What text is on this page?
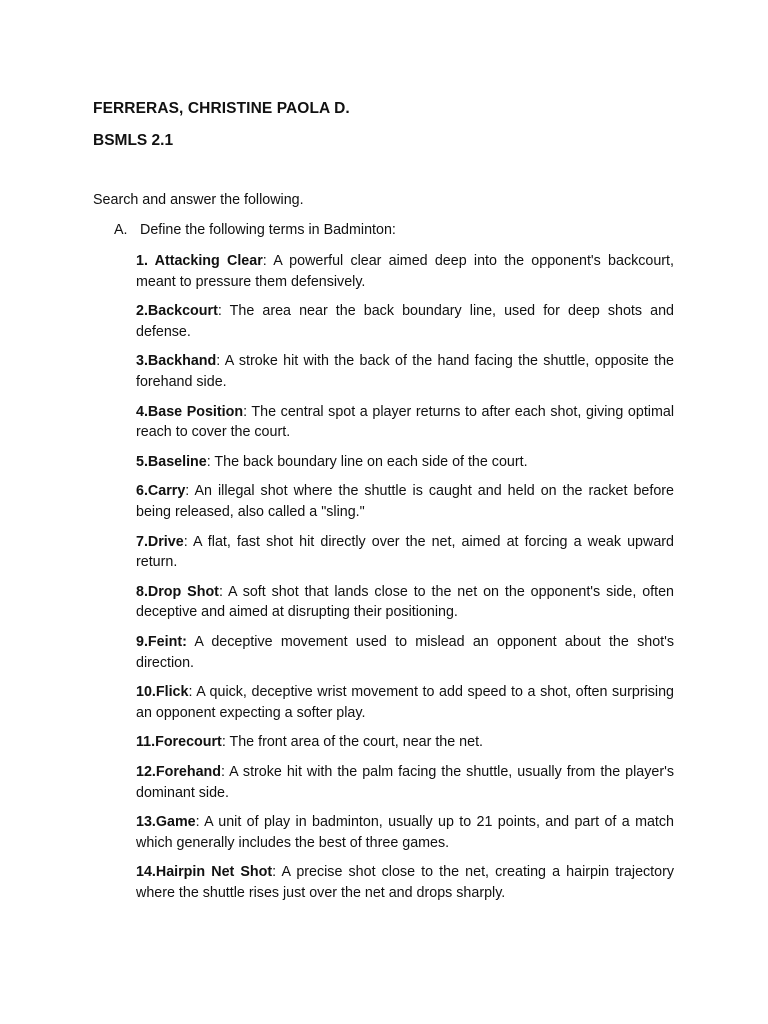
FERRERAS, CHRISTINE PAOLA D.
BSMLS 2.1
Search and answer the following.
A. Define the following terms in Badminton:

1. Attacking Clear: A powerful clear aimed deep into the opponent's backcourt, meant to pressure them defensively.

2.Backcourt: The area near the back boundary line, used for deep shots and defense.

3.Backhand: A stroke hit with the back of the hand facing the shuttle, opposite the forehand side.

4.Base Position: The central spot a player returns to after each shot, giving optimal reach to cover the court.

5.Baseline: The back boundary line on each side of the court.

6.Carry: An illegal shot where the shuttle is caught and held on the racket before being released, also called a "sling."

7.Drive: A flat, fast shot hit directly over the net, aimed at forcing a weak upward return.

8.Drop Shot: A soft shot that lands close to the net on the opponent's side, often deceptive and aimed at disrupting their positioning.

9.Feint: A deceptive movement used to mislead an opponent about the shot's direction.

10.Flick: A quick, deceptive wrist movement to add speed to a shot, often surprising an opponent expecting a softer play.

11.Forecourt: The front area of the court, near the net.

12.Forehand: A stroke hit with the palm facing the shuttle, usually from the player's dominant side.

13.Game: A unit of play in badminton, usually up to 21 points, and part of a match which generally includes the best of three games.

14.Hairpin Net Shot: A precise shot close to the net, creating a hairpin trajectory where the shuttle rises just over the net and drops sharply.
